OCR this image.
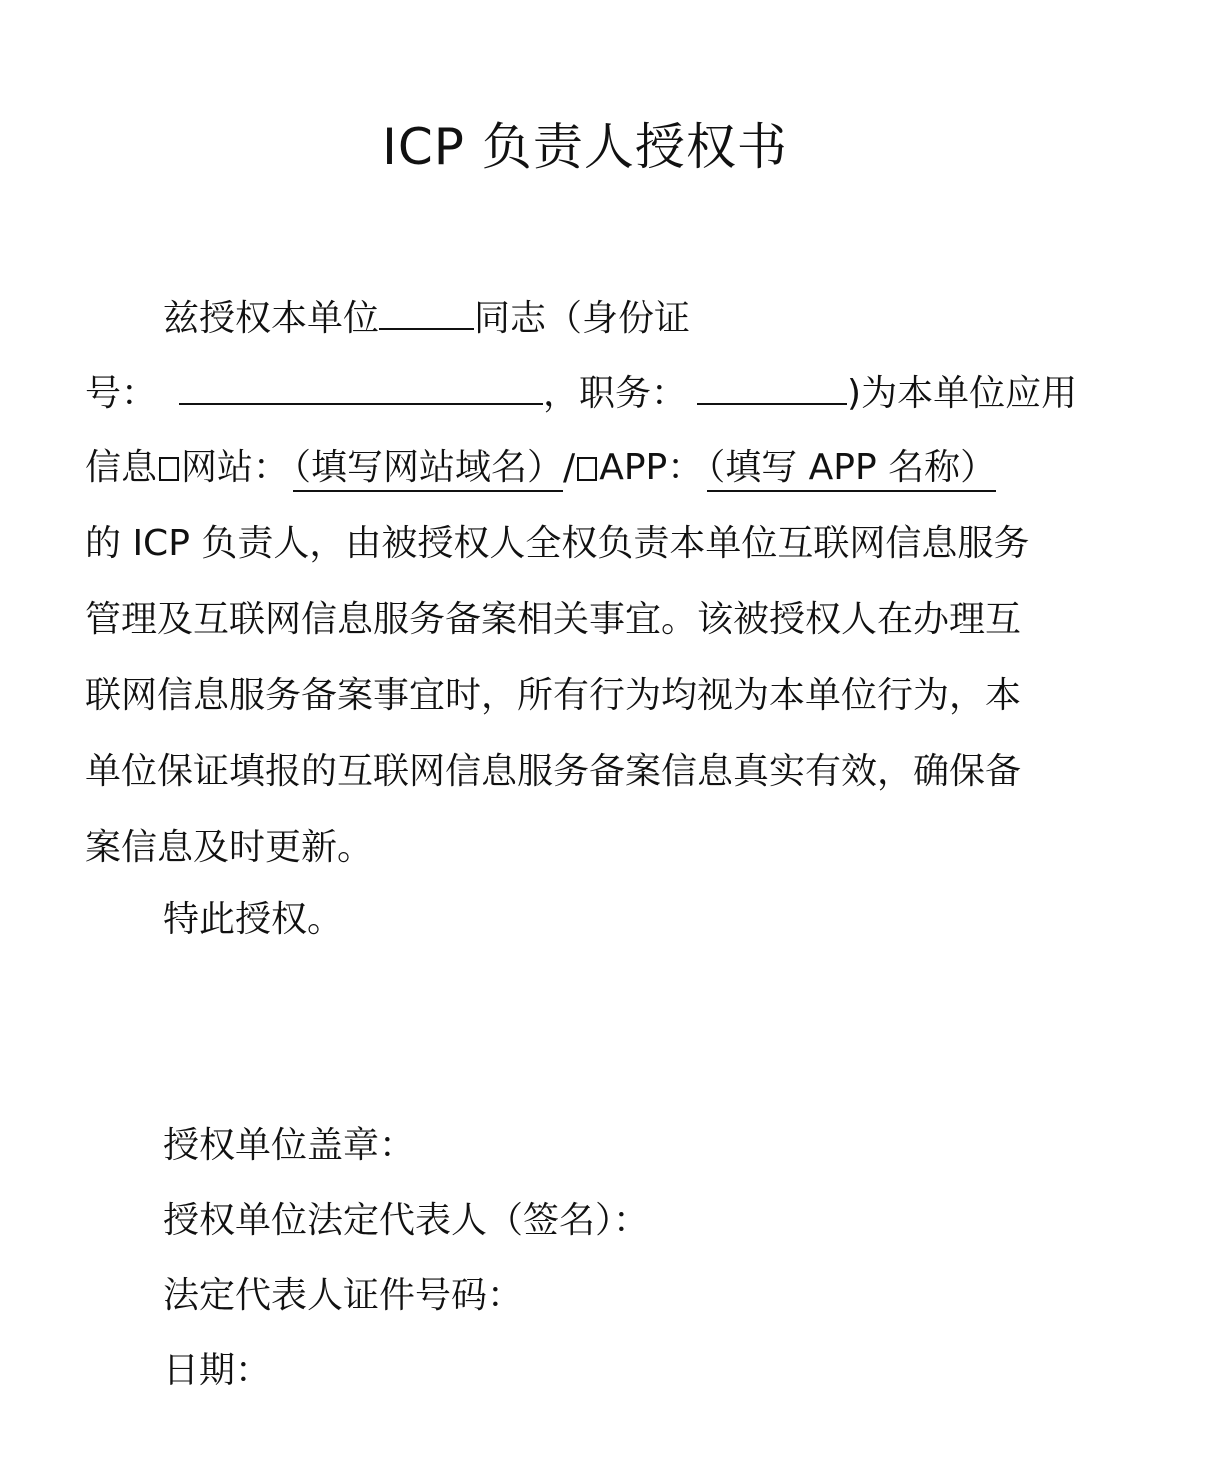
ICP 负责人授权书
兹授权本单位	同志（身份证
号：	，职务：	)为本单位应用
信息 网站： （填写网站域名）/ APP： （填写 APP 名称）
的 ICP 负责人，由被授权人全权负责本单位互联网信息服务
管理及互联网信息服务备案相关事宜。该被授权人在办理互
联网信息服务备案事宜时，所有行为均视为本单位行为，本
单位保证填报的互联网信息服务备案信息真实有效，确保备
案信息及时更新。
特此授权。
授权单位盖章：
授权单位法定代表人（签名）：
法定代表人证件号码：
日期：
